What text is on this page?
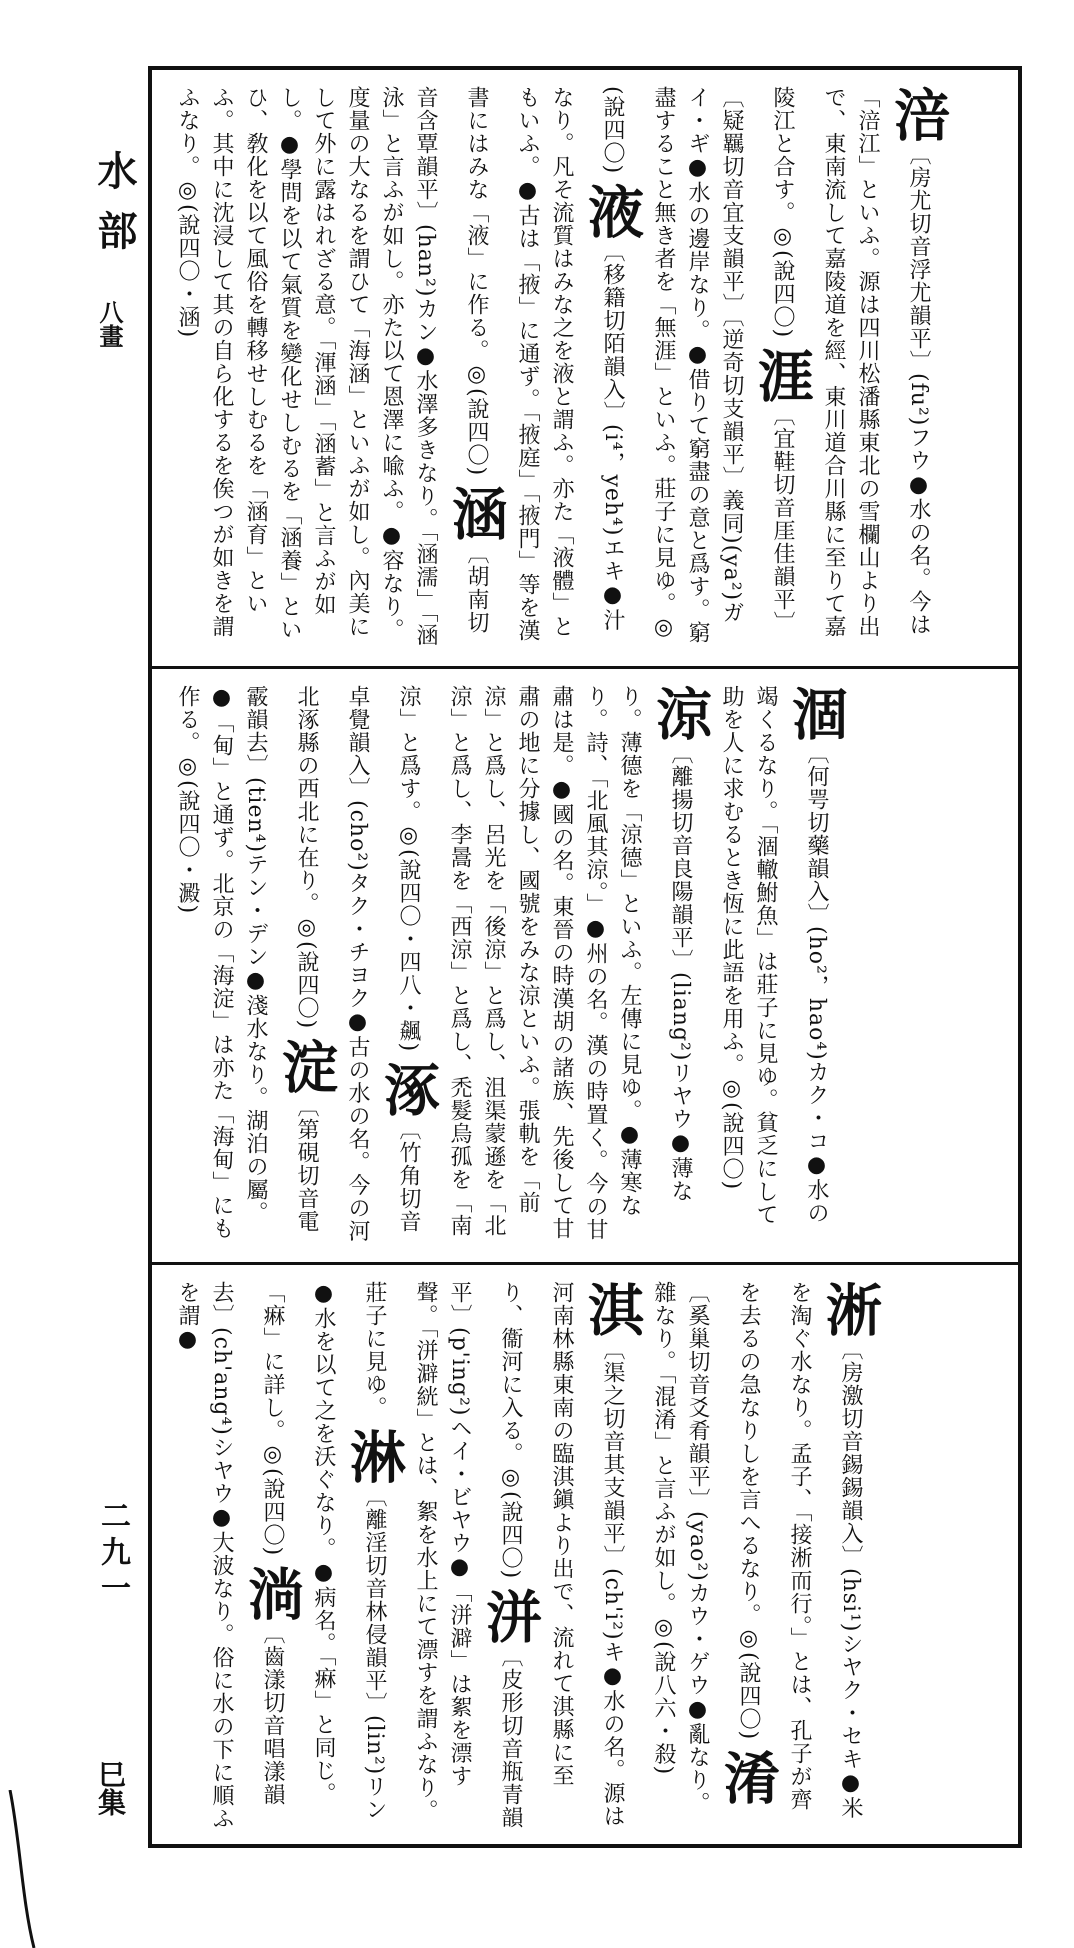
水部
八畫
二九一
巳集
涪〔房尤切音浮尤韻平〕(fu²)フウ●水の名。今は「涪江」といふ。源は四川松潘縣東北の雪欄山より出で、東南流して嘉陵道を經、東川道合川縣に至りて嘉陵江と合す。◎(說四〇) 涯〔宜鞋切音厓佳韻平〕〔疑羈切音宜支韻平〕〔逆奇切支韻平〕義同)(ya²)ガイ・ギ●水の邊岸なり。●借りて窮盡の意と爲す。窮盡すること無き者を「無涯」といふ。莊子に見ゆ。◎(說四〇) 液〔移籍切陌韻入〕(i⁴，yeh⁴)エキ●汁なり。凡そ流質はみな之を液と謂ふ。亦た「液體」ともいふ。●古は「掖」に通ず。「掖庭」「掖門」等を漢書にはみな「液」に作る。◎(說四〇) 涵〔胡南切音含覃韻平〕(han²)カン●水澤多きなり。「涵濡」「涵泳」と言ふが如し。亦た以て恩澤に喩ふ。●容なり。度量の大なるを謂ひて「海涵」といふが如し。內美にして外に露はれざる意。「渾涵」「涵蓄」と言ふが如し。●學問を以て氣質を變化せしむるを「涵養」といひ、敎化を以て風俗を轉移せしむるを「涵育」といふ。其中に沈浸して其の自ら化するを俟つが如きを謂ふなり。◎(說四〇・涵)
涸〔何咢切藥韻入〕(ho²，hao⁴)カク・コ●水の竭くるなり。「涸轍鮒魚」は莊子に見ゆ。貧乏にして助を人に求むるとき恆に此語を用ふ。◎(說四〇) 涼〔離揚切音良陽韻平〕(liang²)リヤウ●薄なり。薄德を「涼德」といふ。左傳に見ゆ。●薄寒なり。詩、「北風其涼。」●州の名。漢の時置く。今の甘肅は是。●國の名。東晉の時漢胡の諸族、先後して甘肅の地に分據し、國號をみな涼といふ。張軌を「前涼」と爲し、呂光を「後涼」と爲し、沮渠蒙遜を「北涼」と爲し、李暠を「西涼」と爲し、禿髮烏孤を「南涼」と爲す。◎(說四〇・四八・飆) 涿〔竹角切音卓覺韻入〕(cho²)タク・チヨク●古の水の名。今の河北涿縣の西北に在り。◎(說四〇) 淀〔第硯切音電霰韻去〕(tien⁴)テン・デン●淺水なり。湖泊の屬。●「甸」と通ず。北京の「海淀」は亦た「海甸」にも作る。◎(說四〇・澱)
淅〔房激切音錫錫韻入〕(hsi¹)シヤク・セキ●米を淘ぐ水なり。孟子、「接淅而行。」とは、孔子が齊を去るの急なりしを言へるなり。◎(說四〇) 淆〔奚巢切音爻肴韻平〕(yao²)カウ・ゲウ●亂なり。雜なり。「混淆」と言ふが如し。◎(說八六・殺) 淇〔渠之切音其支韻平〕(ch'i²)キ●水の名。源は河南林縣東南の臨淇鎭より出で、流れて淇縣に至り、衞河に入る。◎(說四〇) 洴〔皮形切音瓶青韻平〕(p'ing²)ヘイ・ビヤウ●「洴澼」は絮を漂す聲。「洴澼絖」とは、絮を水上にて漂すを謂ふなり。莊子に見ゆ。 淋〔離淫切音林侵韻平〕(lin²)リン●水を以て之を沃ぐなり。●病名。「痳」と同じ。「痳」に詳し。◎(說四〇) 淌〔齒漾切音唱漾韻去〕(ch'ang⁴)シヤウ●大波なり。俗に水の下に順ふを謂●
